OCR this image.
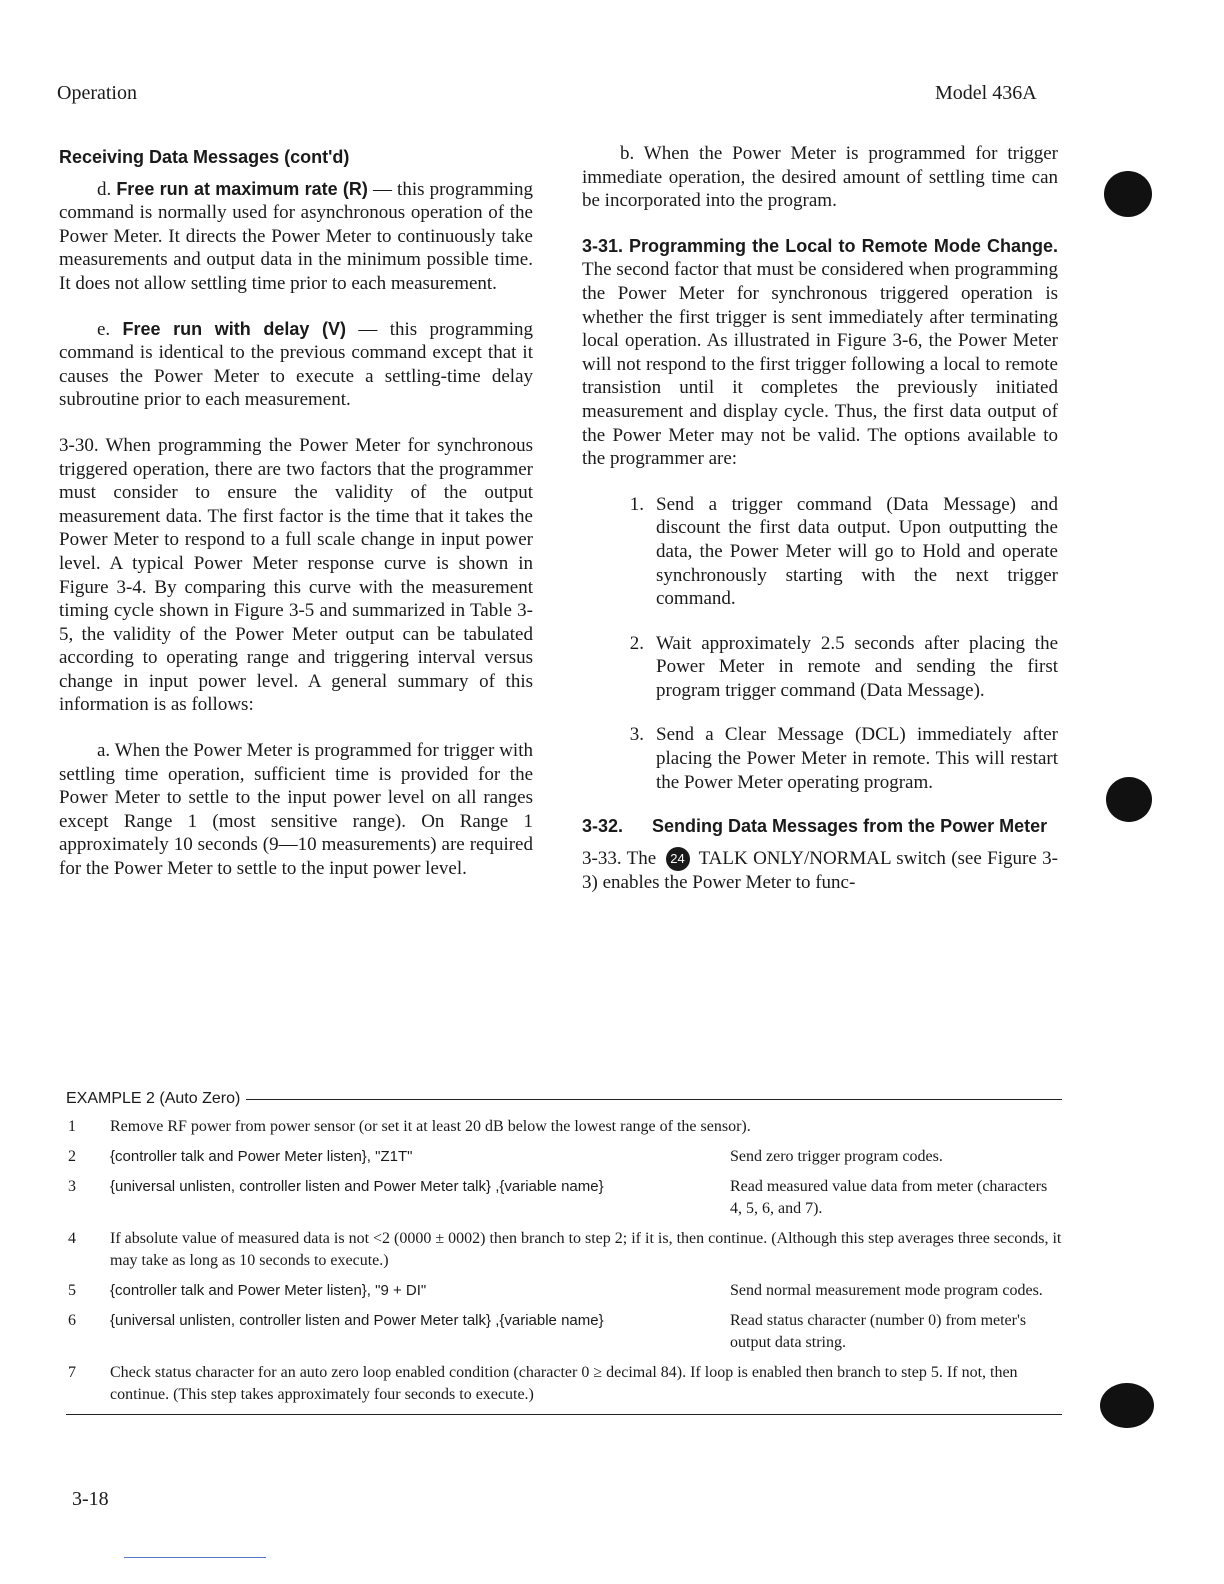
Operation	Model 436A
Receiving Data Messages (cont'd)

d. Free run at maximum rate (R) — this programming command is normally used for asynchronous operation of the Power Meter. It directs the Power Meter to continuously take measurements and output data in the minimum possible time. It does not allow settling time prior to each measurement.

e. Free run with delay (V) — this programming command is identical to the previous command except that it causes the Power Meter to execute a settling-time delay subroutine prior to each measurement.

3-30. When programming the Power Meter for synchronous triggered operation, there are two factors that the programmer must consider to ensure the validity of the output measurement data. The first factor is the time that it takes the Power Meter to respond to a full scale change in input power level. A typical Power Meter response curve is shown in Figure 3-4. By comparing this curve with the measurement timing cycle shown in Figure 3-5 and summarized in Table 3-5, the validity of the Power Meter output can be tabulated according to operating range and triggering interval versus change in input power level. A general summary of this information is as follows:

a. When the Power Meter is programmed for trigger with settling time operation, sufficient time is provided for the Power Meter to settle to the input power level on all ranges except Range 1 (most sensitive range). On Range 1 approximately 10 seconds (9—10 measurements) are required for the Power Meter to settle to the input power level.

b. When the Power Meter is programmed for trigger immediate operation, the desired amount of settling time can be incorporated into the program.

3-31. Programming the Local to Remote Mode Change. The second factor that must be considered when programming the Power Meter for synchronous triggered operation is whether the first trigger is sent immediately after terminating local operation. As illustrated in Figure 3-6, the Power Meter will not respond to the first trigger following a local to remote transistion until it completes the previously initiated measurement and display cycle. Thus, the first data output of the Power Meter may not be valid. The options available to the programmer are:

1. Send a trigger command (Data Message) and discount the first data output. Upon outputting the data, the Power Meter will go to Hold and operate synchronously starting with the next trigger command.
2. Wait approximately 2.5 seconds after placing the Power Meter in remote and sending the first program trigger command (Data Message).
3. Send a Clear Message (DCL) immediately after placing the Power Meter in remote. This will restart the Power Meter operating program.
3-32.	Sending Data Messages from the Power Meter

3-33. The 24 TALK ONLY/NORMAL switch (see Figure 3-3) enables the Power Meter to func-

EXAMPLE 2 (Auto Zero)
1	Remove RF power from power sensor (or set it at least 20 dB below the lowest range of the sensor).
2	{controller talk and Power Meter listen}, "Z1T"	Send zero trigger program codes.
3	{universal unlisten, controller listen and Power Meter talk} ,{variable name}	Read measured value data from meter (characters 4, 5, 6, and 7).
4	If absolute value of measured data is not <2 (0000 ± 0002) then branch to step 2; if it is, then continue. (Although this step averages three seconds, it may take as long as 10 seconds to execute.)
5	{controller talk and Power Meter listen}, "9 + DI"	Send normal measurement mode program codes.
6	{universal unlisten, controller listen and Power Meter talk} ,{variable name}	Read status character (number 0) from meter's output data string.
7	Check status character for an auto zero loop enabled condition (character 0 ≥ decimal 84). If loop is enabled then branch to step 5. If not, then continue. (This step takes approximately four seconds to execute.)
3-18
